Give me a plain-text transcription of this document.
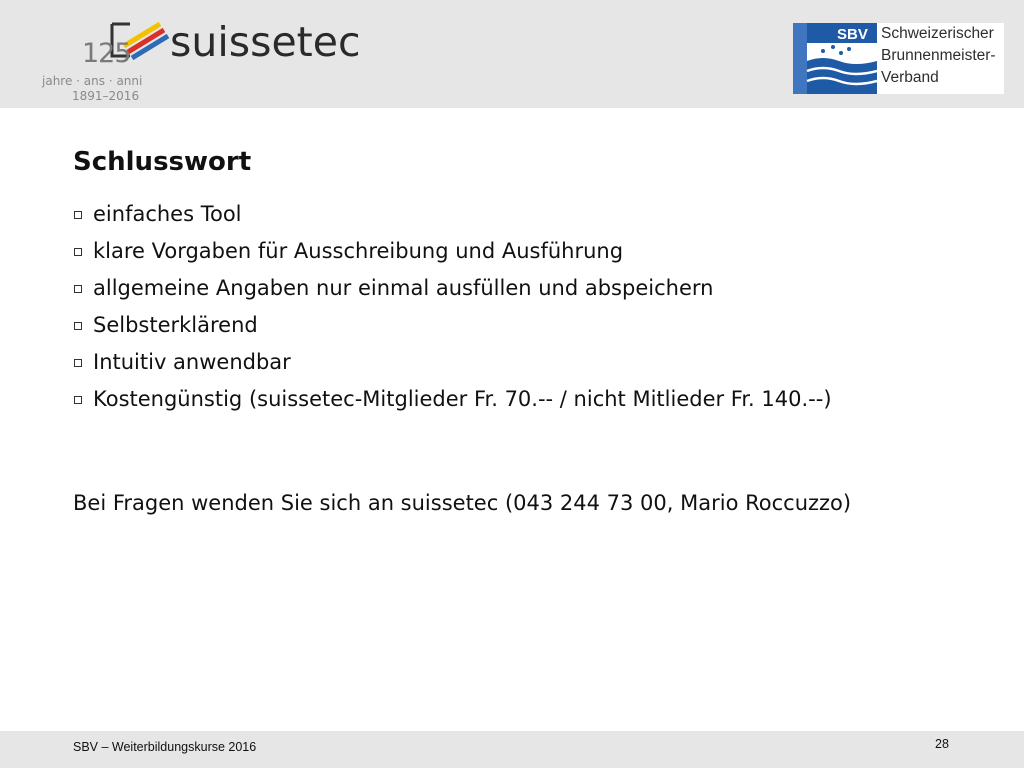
125 suissetec
jahre · ans · anni
1891–2016
SBV Schweizerischer
Brunnenmeister-
Verband
Schlusswort
einfaches Tool
klare Vorgaben für Ausschreibung und Ausführung
allgemeine Angaben nur einmal ausfüllen und abspeichern
Selbsterklärend
Intuitiv anwendbar
Kostengünstig (suissetec-Mitglieder Fr. 70.-- / nicht Mitlieder Fr. 140.--)

Bei Fragen wenden Sie sich an suissetec (043 244 73 00, Mario Roccuzzo)

SBV – Weiterbildungskurse 2016	28
